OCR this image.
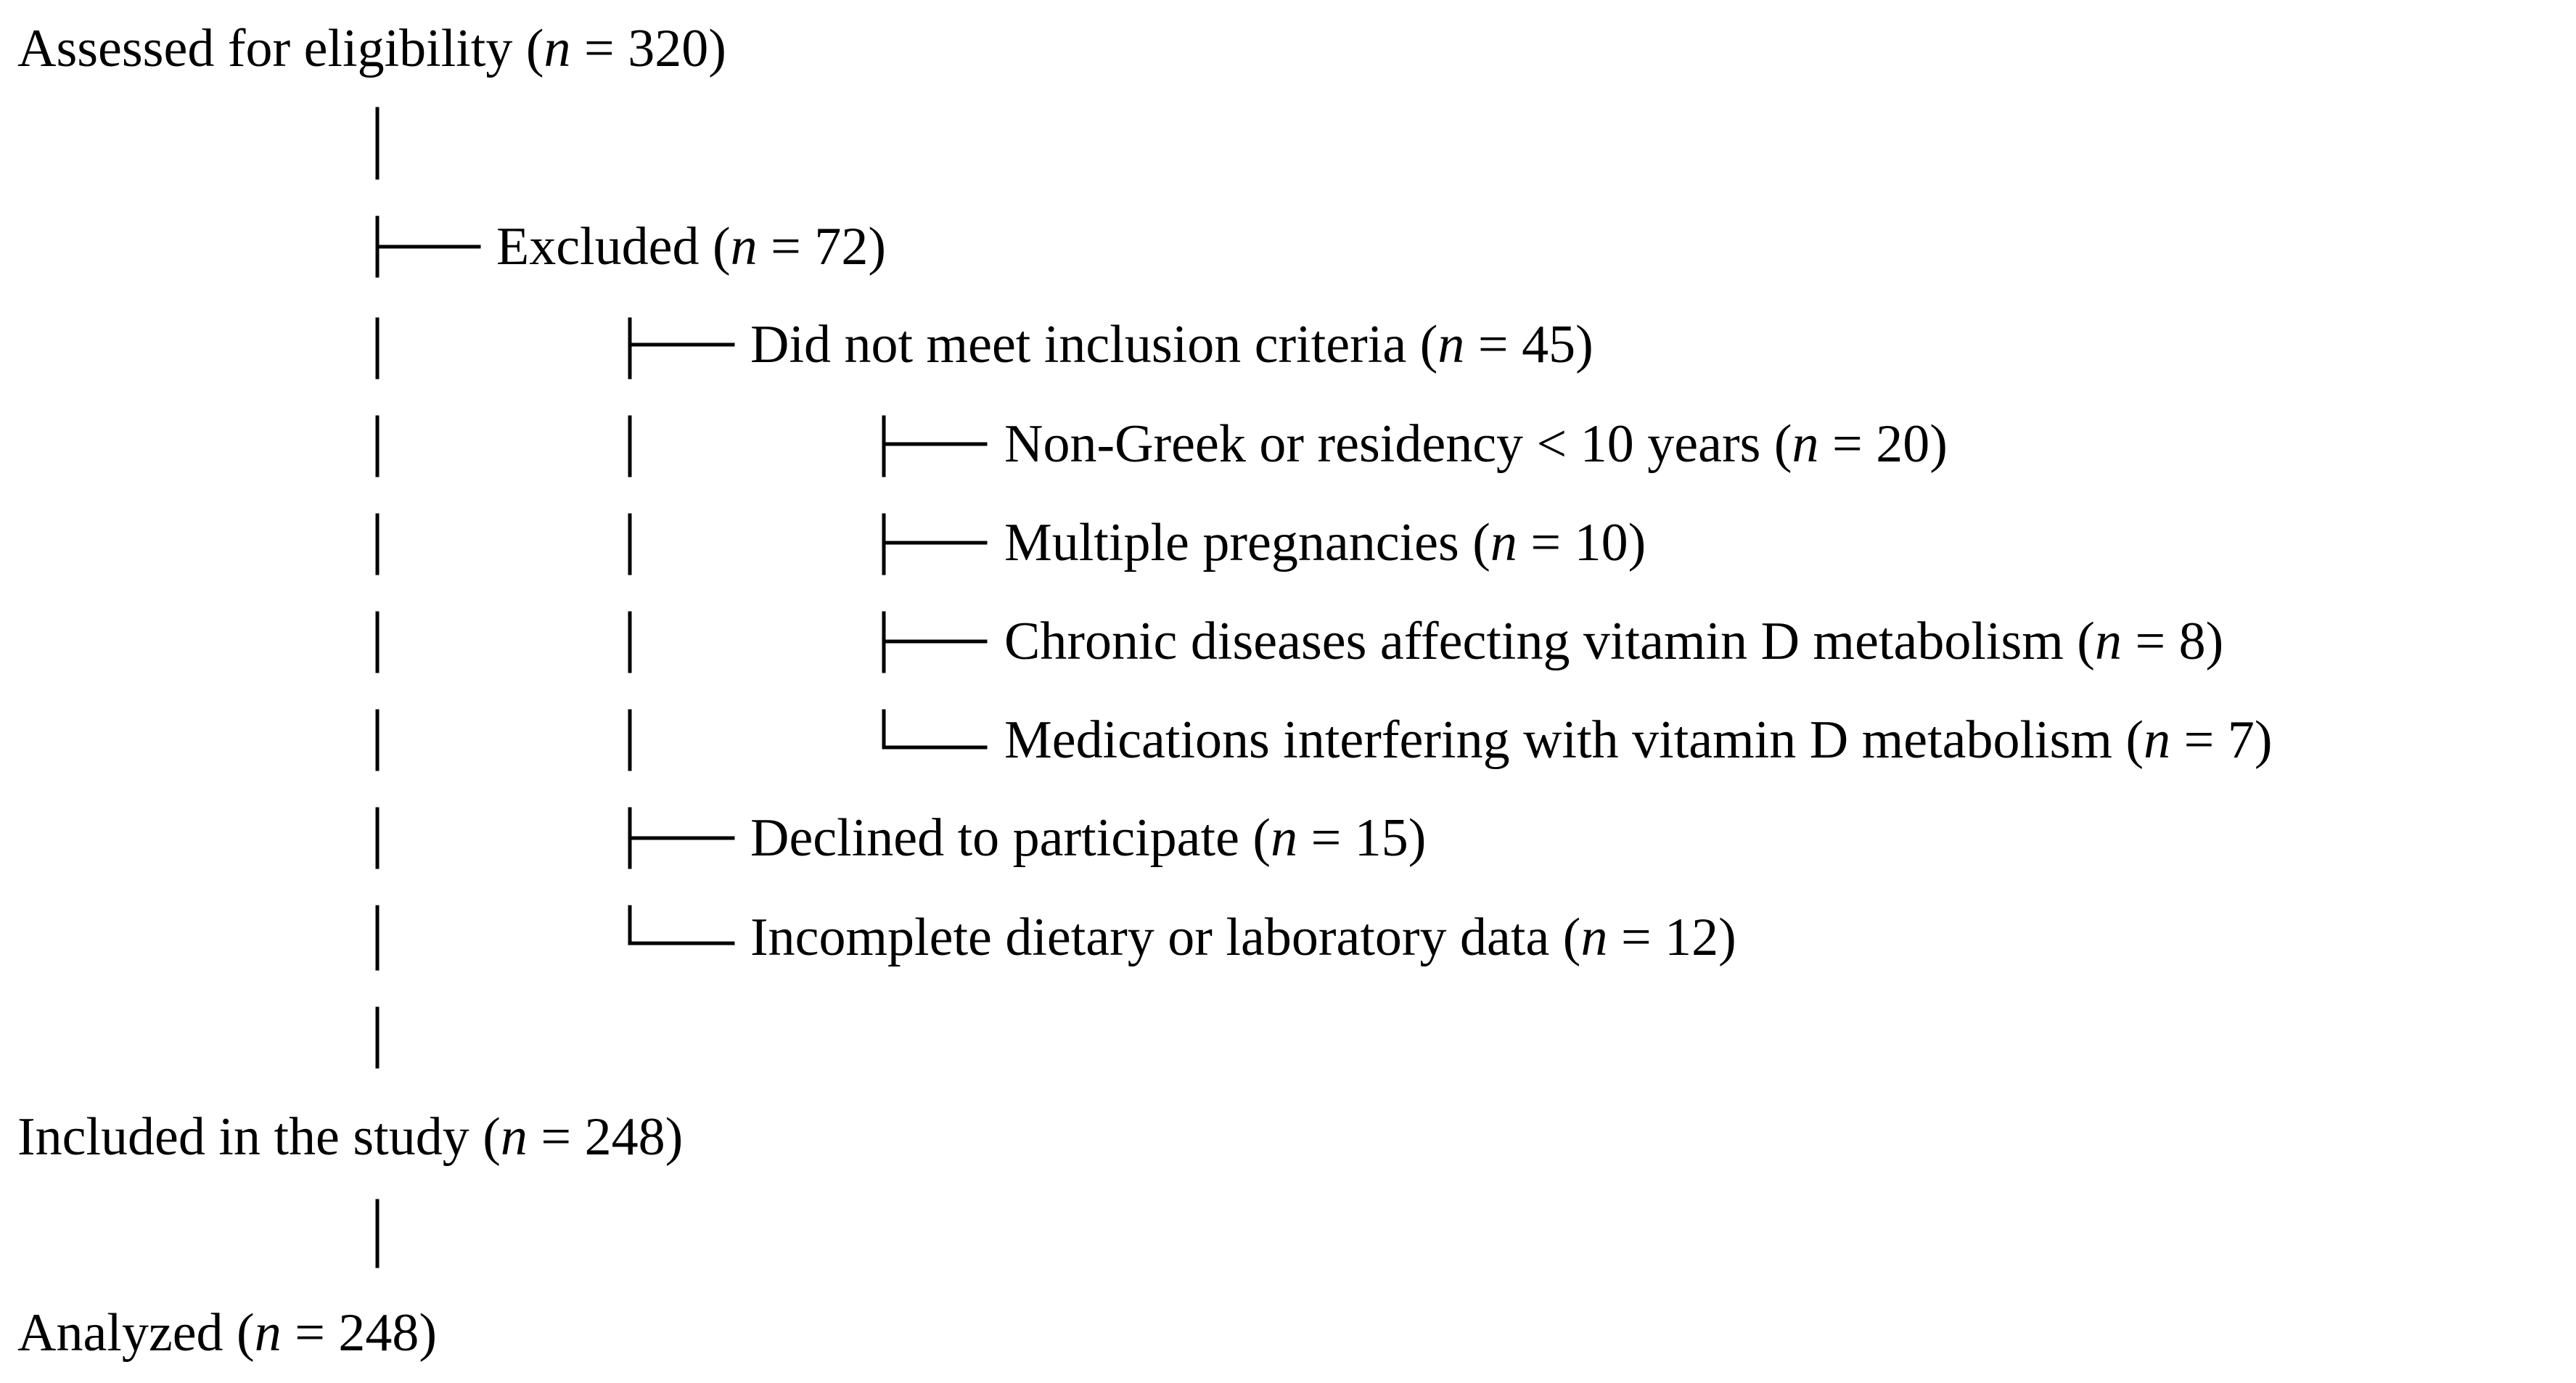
Assessed for eligibility (n = 320)
Excluded (n = 72)
Did not meet inclusion criteria (n = 45)
Non-Greek or residency < 10 years (n = 20)
Multiple pregnancies (n = 10)
Chronic diseases affecting vitamin D metabolism (n = 8)
Medications interfering with vitamin D metabolism (n = 7)
Declined to participate (n = 15)
Incomplete dietary or laboratory data (n = 12)
Included in the study (n = 248)
Analyzed (n = 248)
